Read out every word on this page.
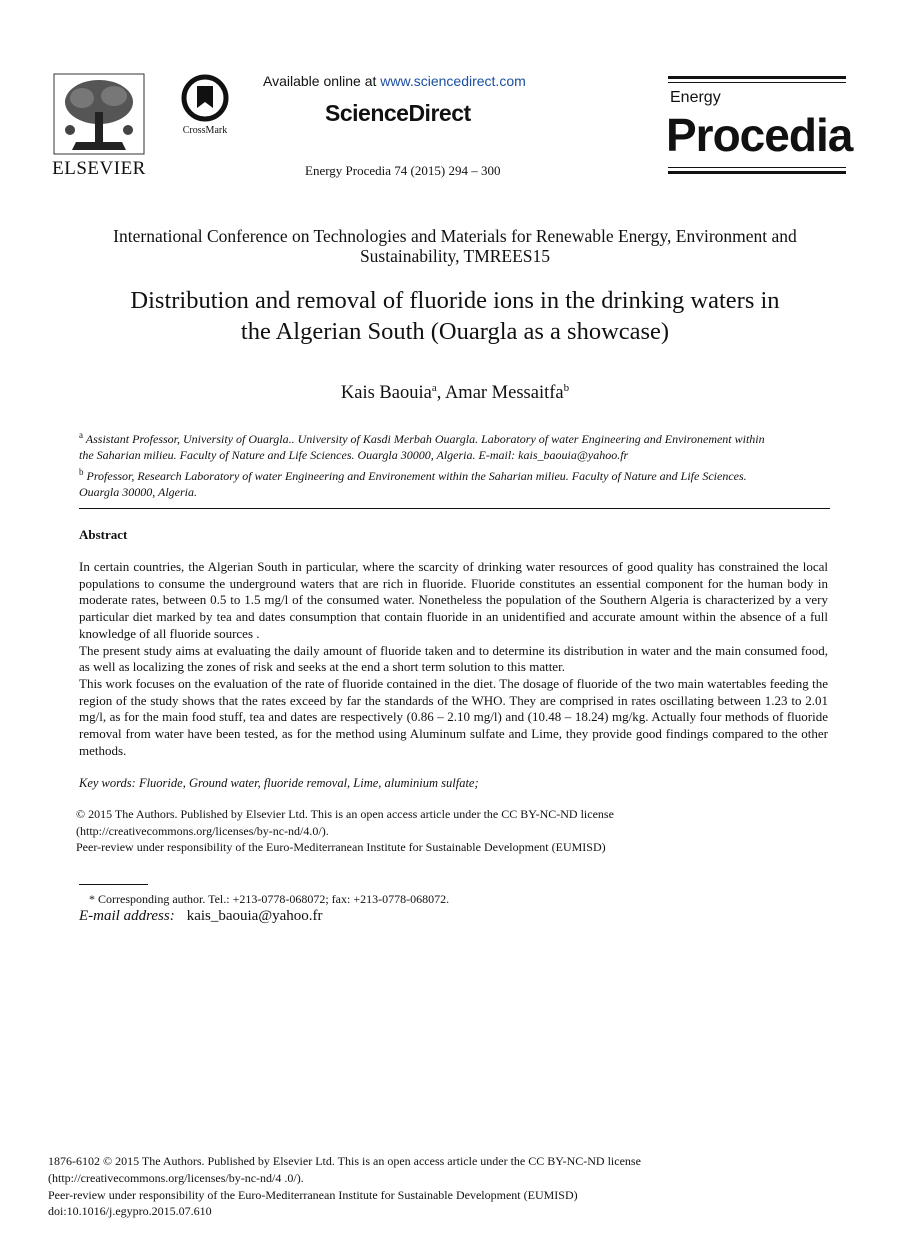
ELSEVIER
CrossMark
Available online at www.sciencedirect.com
ScienceDirect
Energy Procedia 74 (2015) 294 – 300
Energy
Procedia
International Conference on Technologies and Materials for Renewable Energy, Environment and
Sustainability, TMREES15
Distribution and removal of fluoride ions in the drinking waters in
the Algerian South (Ouargla as a showcase)
Kais Baouia$^a$, Amar Messaitfa$^b$
$^a$ Assistant Professor, University of Ouargla.. University of Kasdi Merbah Ouargla. Laboratory of water Engineering and Environement within
the Saharian milieu. Faculty of Nature and Life Sciences. Ouargla 30000, Algeria. E-mail: kais_baouia@yahoo.fr
$^b$ Professor, Research Laboratory of water Engineering and Environement within the Saharian milieu. Faculty of Nature and Life Sciences.
Ouargla 30000, Algeria.
Abstract

In certain countries, the Algerian South in particular, where the scarcity of drinking water resources of good quality has constrained the local populations to consume the underground waters that are rich in fluoride. Fluoride constitutes an essential component for the human body in moderate rates, between 0.5 to 1.5 mg/l of the consumed water. Nonetheless the population of the Southern Algeria is characterized by a very particular diet marked by tea and dates consumption that contain fluoride in an unidentified and accurate amount within the absence of a full knowledge of all fluoride sources .

The present study aims at evaluating the daily amount of fluoride taken and to determine its distribution in water and the main consumed food, as well as localizing the zones of risk and seeks at the end a short term solution to this matter.

This work focuses on the evaluation of the rate of fluoride contained in the diet. The dosage of fluoride of the two main watertables feeding the region of the study shows that the rates exceed by far the standards of the WHO. They are comprised in rates oscillating between 1.23 to 2.01 mg/l, as for the main food stuff, tea and dates are respectively (0.86 – 2.10 mg/l) and (10.48 – 18.24) mg/kg. Actually four methods of fluoride removal from water have been tested, as for the method using Aluminum sulfate and Lime, they provide good findings compared to the other methods.

Key words: Fluoride, Ground water, fluoride removal, Lime, aluminium sulfate;
© 2015 The Authors. Published by Elsevier Ltd. This is an open access article under the CC BY-NC-ND license
(http://creativecommons.org/licenses/by-nc-nd/4.0/).
Peer-review under responsibility of the Euro-Mediterranean Institute for Sustainable Development (EUMISD)
* Corresponding author. Tel.: +213-0778-068072; fax: +213-0778-068072.
E-mail address: kais_baouia@yahoo.fr
1876-6102 © 2015 The Authors. Published by Elsevier Ltd. This is an open access article under the CC BY-NC-ND license
(http://creativecommons.org/licenses/by-nc-nd/4 .0/).
Peer-review under responsibility of the Euro-Mediterranean Institute for Sustainable Development (EUMISD)
doi:10.1016/j.egypro.2015.07.610
